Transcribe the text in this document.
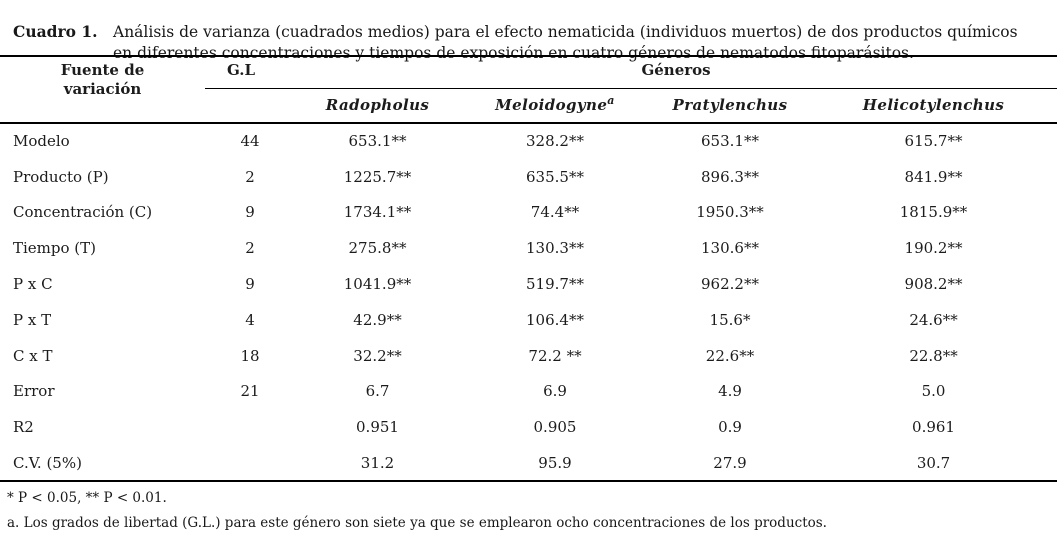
Cuadro 1. Análisis de varianza (cuadrados medios) para el efecto nematicida (individuos muertos) de dos productos químicos
en diferentes concentraciones y tiempos de exposición en cuatro géneros de nematodos fitoparásitos.

Fuente de
variación	G.L	Géneros			
		Radopholus	Meloidogyne$^a$	Pratylenchus	Helicotylenchus
Modelo	44	653.1**	328.2**	653.1**	615.7**
Producto (P)	2	1225.7**	635.5**	896.3**	841.9**
Concentración (C)	9	1734.1**	74.4**	1950.3**	1815.9**
Tiempo (T)	2	275.8**	130.3**	130.6**	190.2**
P x C	9	1041.9**	519.7**	962.2**	908.2**
P x T	4	42.9**	106.4**	15.6*	24.6**
C x T	18	32.2**	72.2 **	22.6**	22.8**
Error	21	6.7	6.9	4.9	5.0
R2		0.951	0.905	0.9	0.961
C.V. (5%)		31.2	95.9	27.9	30.7
* P < 0.05, ** P < 0.01.
a. Los grados de libertad (G.L.) para este género son siete ya que se emplearon ocho concentraciones de los productos.
